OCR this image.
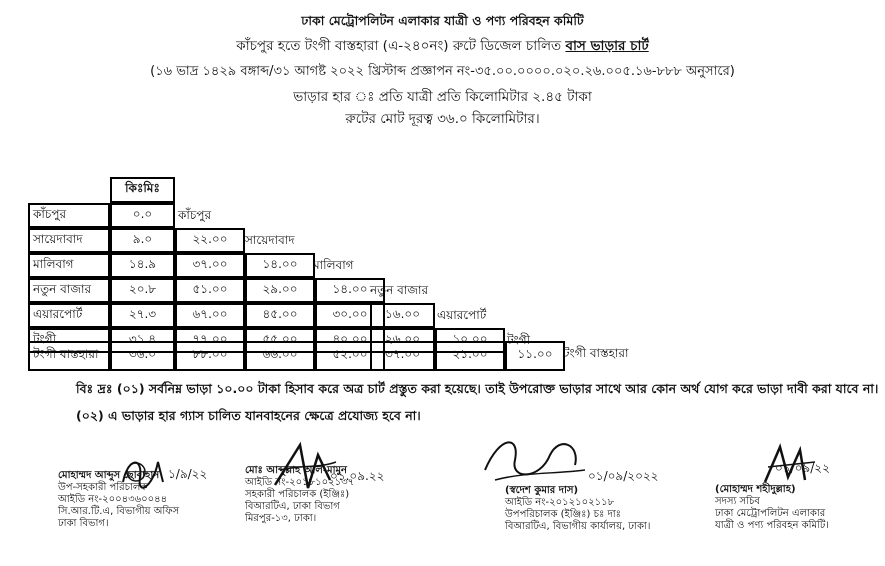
ঢাকা মেট্রোপলিটন এলাকার যাত্রী ও পণ্য পরিবহন কমিটি
কাঁচপুর হতে টংগী বাস্তহারা (এ-২৪০নং) রুটে ডিজেল চালিত বাস ভাড়ার চার্ট
(১৬ ভাদ্র ১৪২৯ বঙ্গাব্দ/৩১ আগষ্ট ২০২২ খ্রিস্টাব্দ প্রজ্ঞাপন নং-৩৫.০০.০০০০.০২০.২৬.০০৫.১৬-৮৮৮ অনুসারে)
ভাড়ার হার ঃ প্রতি যাত্রী প্রতি কিলোমিটার ২.৪৫ টাকা
রুটের মোট দূরত্ব ৩৬.০ কিলোমিটার।
কিঃমিঃ
কাঁচপুর	০.০	কাঁচপুর
সায়েদাবাদ	৯.০	২২.০০	সায়েদাবাদ
মালিবাগ	১৪.৯	৩৭.০০	১৪.০০	মালিবাগ
নতুন বাজার	২০.৮	৫১.০০	২৯.০০	১৪.০০ নতুন বাজার
এয়ারপোর্ট	২৭.৩	৬৭.০০	৪৫.০০	৩০.০০	১৬.০০	এয়ারপোর্ট
টংগী	৩১.৪	৭৭.০০	৫৫.০০	৪০.০০	২৬.০০	১০.০০	টংগী
টংগী বাস্তহারা	৩৬.০	৮৮.০০	৬৬.০০	৫২.০০	৩৭.০০	২১.০০	১১.০০ টংগী বাস্তহারা
বিঃ দ্রঃ (০১) সর্বনিম্ন ভাড়া ১০.০০ টাকা হিসাব করে অত্র চার্ট প্রস্তুত করা হয়েছে। তাই উপরোক্ত ভাড়ার সাথে আর কোন অর্থ যোগ করে ভাড়া দাবী করা যাবে না।
(০২) এ ভাড়ার হার গ্যাস চালিত যানবাহনের ক্ষেত্রে প্রযোজ্য হবে না।
মোহাম্মদ আব্দুস ছোবাহান
উপ-সহকারী পরিচালক
আইডি নং-২০০৪৩৬০০৪৪
সি.আর.টি.এ, বিভাগীয় অফিস
ঢাকা বিভাগ।
১/৯/২২	মোঃ আব্দুল্লাহ আল-মামুন
আইডি নং-২০১৮১০২১৩৭
সহকারী পরিচালক (ইঞ্জিঃ)
বিআরটিএ, ঢাকা বিভাগ
মিরপুর-১৩, ঢাকা।
০১.০৯.২২
(স্বদেশ কুমার দাস)
আইডি নং-২০১২১০২১১৮
উপপরিচালক (ইঞ্জিঃ) চঃ দাঃ
বিআরটিএ, বিভাগীয় কার্যালয়, ঢাকা।
০১/০৯/২০২২
(মোহাম্মদ শহীদুল্লাহ)
সদস্য সচিব
ঢাকা মেট্রোপলিটন এলাকার
যাত্রী ও পণ্য পরিবহন কমিটি।
০১/০৯/২২
